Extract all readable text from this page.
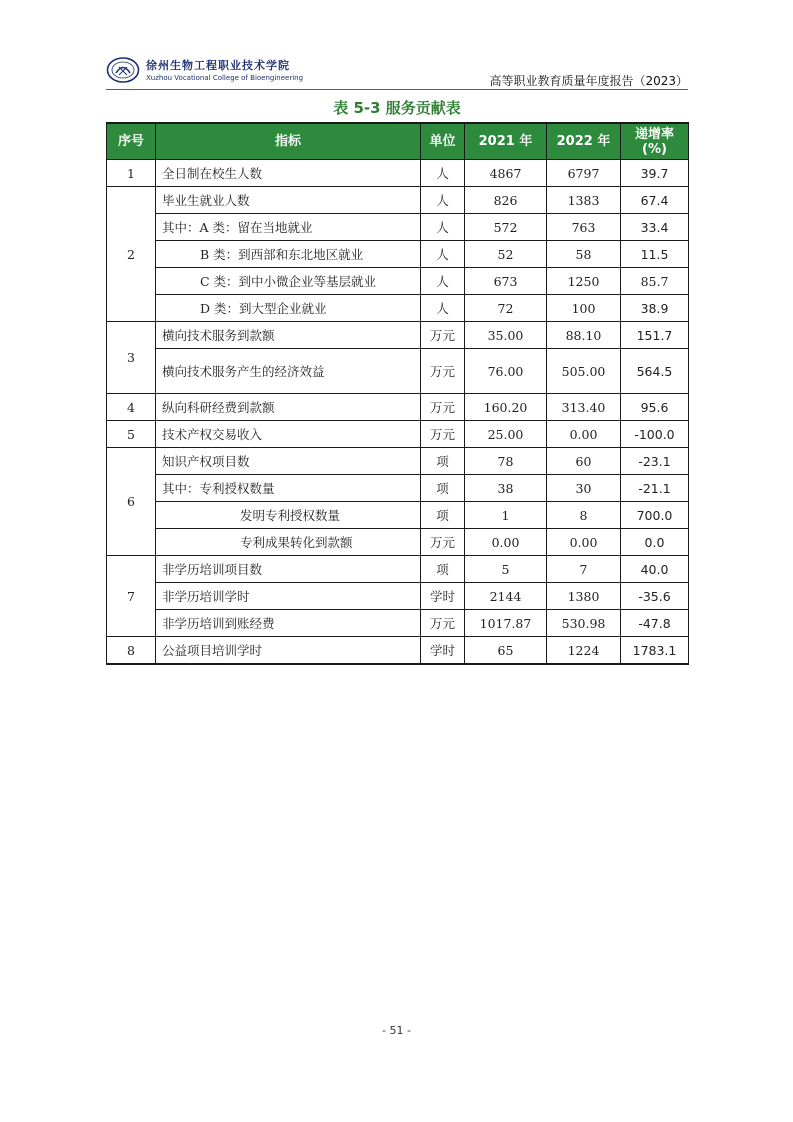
徐州生物工程职业技术学院
Xuzhou Vocational College of Bioengineering	高等职业教育质量年度报告（2023）
表 5-3 服务贡献表
序号	指标	单位	2021 年	2022 年	递增率
(%)

1	全日制在校生人数	人	4867	6797	39.7
2	毕业生就业人数	人	826	1383	67.4
	其中：A 类：留在当地就业	人	572	763	33.4
	B 类：到西部和东北地区就业	人	52	58	11.5
	C 类：到中小微企业等基层就业	人	673	1250	85.7
	D 类：到大型企业就业	人	72	100	38.9
3	横向技术服务到款额	万元	35.00	88.10	151.7
	横向技术服务产生的经济效益	万元	76.00	505.00	564.5
4	纵向科研经费到款额	万元	160.20	313.40	95.6
5	技术产权交易收入	万元	25.00	0.00	-100.0
6	知识产权项目数	项	78	60	-23.1
	其中：专利授权数量	项	38	30	-21.1
	发明专利授权数量	项	1	8	700.0
	专利成果转化到款额	万元	0.00	0.00	0.0
7	非学历培训项目数	项	5	7	40.0
	非学历培训学时	学时	2144	1380	-35.6
	非学历培训到账经费	万元	1017.87	530.98	-47.8
8	公益项目培训学时	学时	65	1224	1783.1
- 51 -
